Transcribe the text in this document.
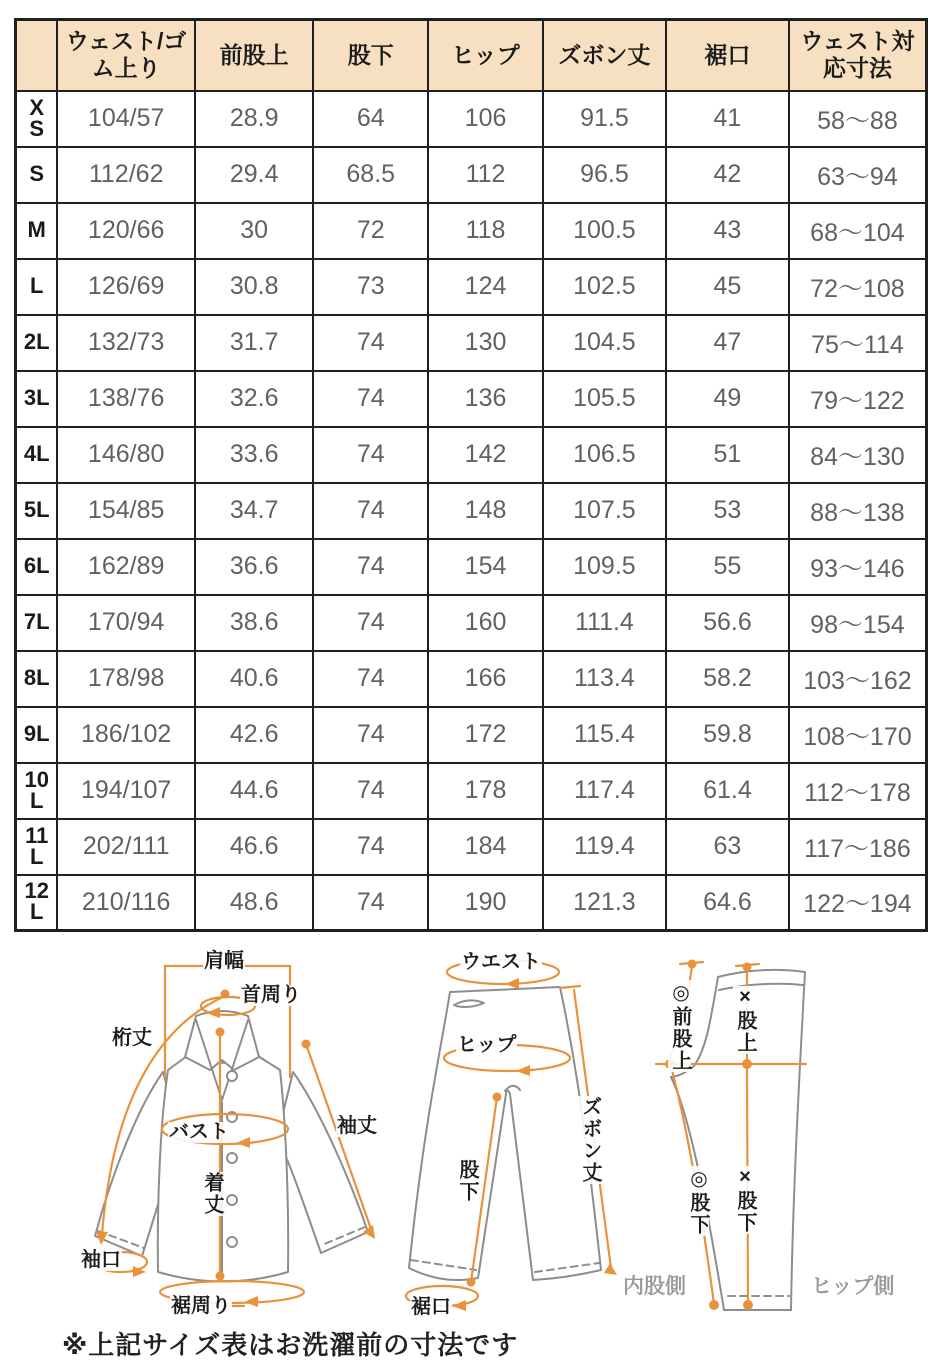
	ウェスト/ゴム上り	前股上	股下	ヒップ	ズボン丈	裾口	ウェスト対応寸法
XS	104/57	28.9	64	106	91.5	41	58〜88
S	112/62	29.4	68.5	112	96.5	42	63〜94
M	120/66	30	72	118	100.5	43	68〜104
L	126/69	30.8	73	124	102.5	45	72〜108
2L	132/73	31.7	74	130	104.5	47	75〜114
3L	138/76	32.6	74	136	105.5	49	79〜122
4L	146/80	33.6	74	142	106.5	51	84〜130
5L	154/85	34.7	74	148	107.5	53	88〜138
6L	162/89	36.6	74	154	109.5	55	93〜146
7L	170/94	38.6	74	160	111.4	56.6	98〜154
8L	178/98	40.6	74	166	113.4	58.2	103〜162
9L	186/102	42.6	74	172	115.4	59.8	108〜170
10L	194/107	44.6	74	178	117.4	61.4	112〜178
11L	202/111	46.6	74	184	119.4	63	117〜186
12L	210/116	48.6	74	190	121.3	64.6	122〜194
肩幅
首周り
桁丈
バスト	袖丈
着丈
袖口
裾周り
ウエスト
ヒップ
ズボン丈
股下
裾口
◎前股上 ×股上
◎股下 ×股下
内股側	ヒップ側
※上記サイズ表はお洗濯前の寸法です
